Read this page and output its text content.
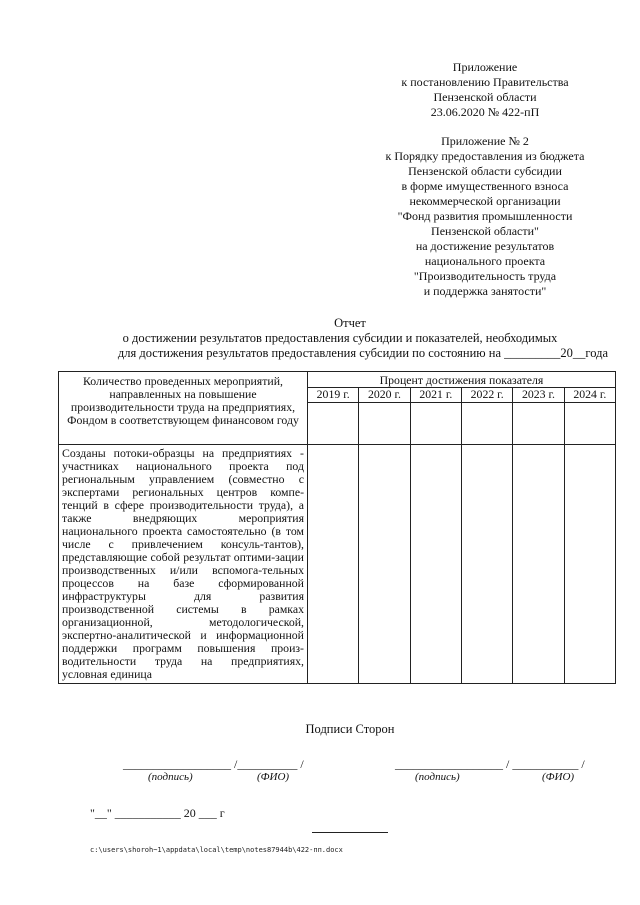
Приложение
к постановлению Правительства
Пензенской области
23.06.2020 № 422-пП
Приложение № 2
к Порядку предоставления из бюджета
Пензенской области субсидии
в форме имущественного взноса
некоммерческой организации
"Фонд развития промышленности
Пензенской области"
на достижение результатов
национального проекта
"Производительность труда
и поддержка занятости"
Отчет
о достижении результатов предоставления субсидии и показателей, необходимых
для достижения результатов предоставления субсидии по состоянию на _________20__года
Количество проведенных мероприятий, направленных на повышение производительности труда на предприятиях, Фондом в соответствующем финансовом году	Процент достижения показателя					
	2019 г.	2020 г.	2021 г.	2022 г.	2023 г.	2024 г.

Созданы потоки-образцы на предприятиях - участниках национального проекта под региональным управлением (совместно с экспертами региональных центров компе-тенций в сфере производительности труда), а также внедряющих мероприятия национального проекта самостоятельно (в том числе с привлечением консуль-тантов), представляющие собой результат оптими-зации производственных и/или вспомога-тельных процессов на базе сформированной инфраструктуры для развития производственной системы в рамках организационной, методологической, экспертно-аналитической и информационной поддержки программ повышения произ-водительности труда на предприятиях, условная единица						
Подписи Сторон
__________________ /__________ /
(подпись)	(ФИО)
__________________ / ___________ /
(подпись)	(ФИО)
"__" ___________ 20 ___ г
c:\users\shoroh~1\appdata\local\temp\notes87944b\422-пп.docx
